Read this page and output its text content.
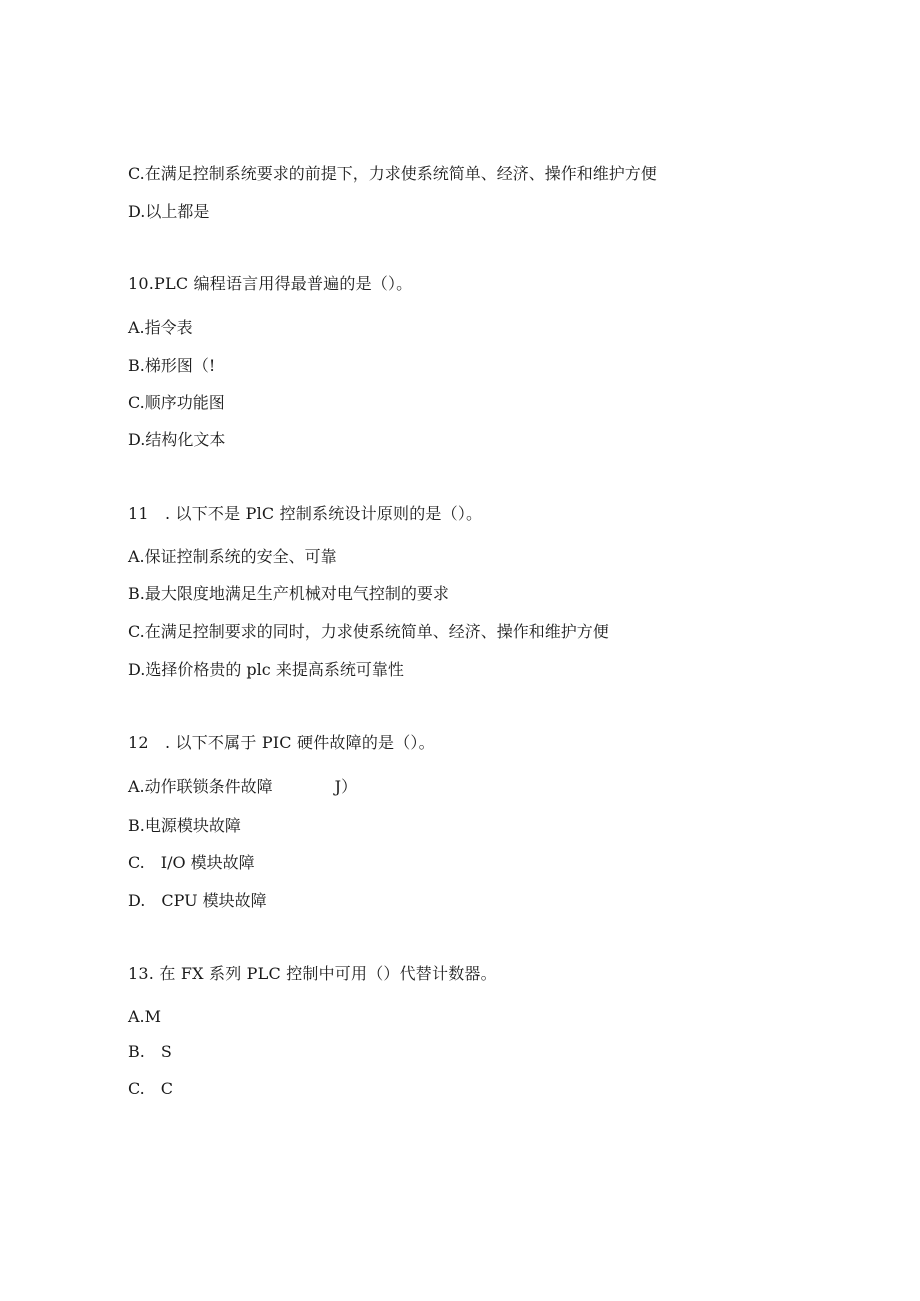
C.在满足控制系统要求的前提下，力求使系统简单、经济、操作和维护方便
D.以上都是
10.PLC 编程语言用得最普遍的是（）。
A.指令表
B.梯形图（!
C.顺序功能图
D.结构化文本
11　. 以下不是 PlC 控制系统设计原则的是（）。
A.保证控制系统的安全、可靠
B.最大限度地满足生产机械对电气控制的要求
C.在满足控制要求的同时，力求使系统简单、经济、操作和维护方便
D.选择价格贵的 plc 来提高系统可靠性
12　. 以下不属于 PIC 硬件故障的是（）。
A.动作联锁条件故障	J）
B.电源模块故障
C.　I/O 模块故障
D.　CPU 模块故障
13. 在 FX 系列 PLC 控制中可用（）代替计数器。
A.M
B.　S
C.　C
